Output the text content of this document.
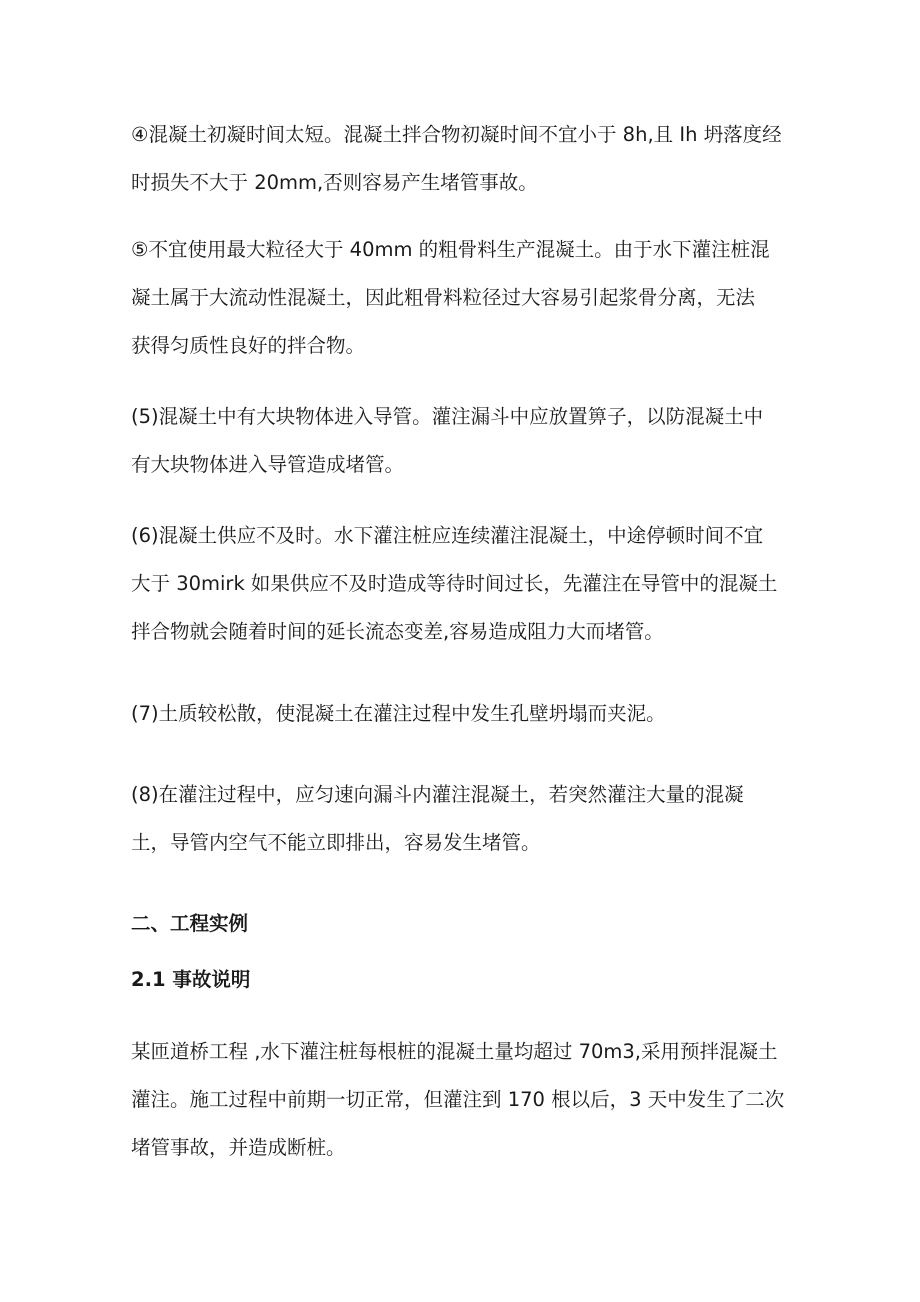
④混凝土初凝时间太短。混凝土拌合物初凝时间不宜小于 8h,且 Ih 坍落度经
时损失不大于 20mm,否则容易产生堵管事故。

⑤不宜使用最大粒径大于 40mm 的粗骨料生产混凝土。由于水下灌注桩混
凝土属于大流动性混凝土，因此粗骨料粒径过大容易引起浆骨分离，无法
获得匀质性良好的拌合物。

(5)混凝土中有大块物体进入导管。灌注漏斗中应放置箅子，以防混凝土中
有大块物体进入导管造成堵管。

(6)混凝土供应不及时。水下灌注桩应连续灌注混凝土，中途停顿时间不宜
大于 30mirk 如果供应不及时造成等待时间过长，先灌注在导管中的混凝土
拌合物就会随着时间的延长流态变差,容易造成阻力大而堵管。

(7)土质较松散，使混凝土在灌注过程中发生孔壁坍塌而夹泥。

(8)在灌注过程中，应匀速向漏斗内灌注混凝土，若突然灌注大量的混凝
土，导管内空气不能立即排出，容易发生堵管。

二、工程实例
2.1 事故说明

某匝道桥工程 ,水下灌注桩每根桩的混凝土量均超过 70m3,采用预拌混凝土
灌注。施工过程中前期一切正常，但灌注到 170 根以后，3 天中发生了二次
堵管事故，并造成断桩。
